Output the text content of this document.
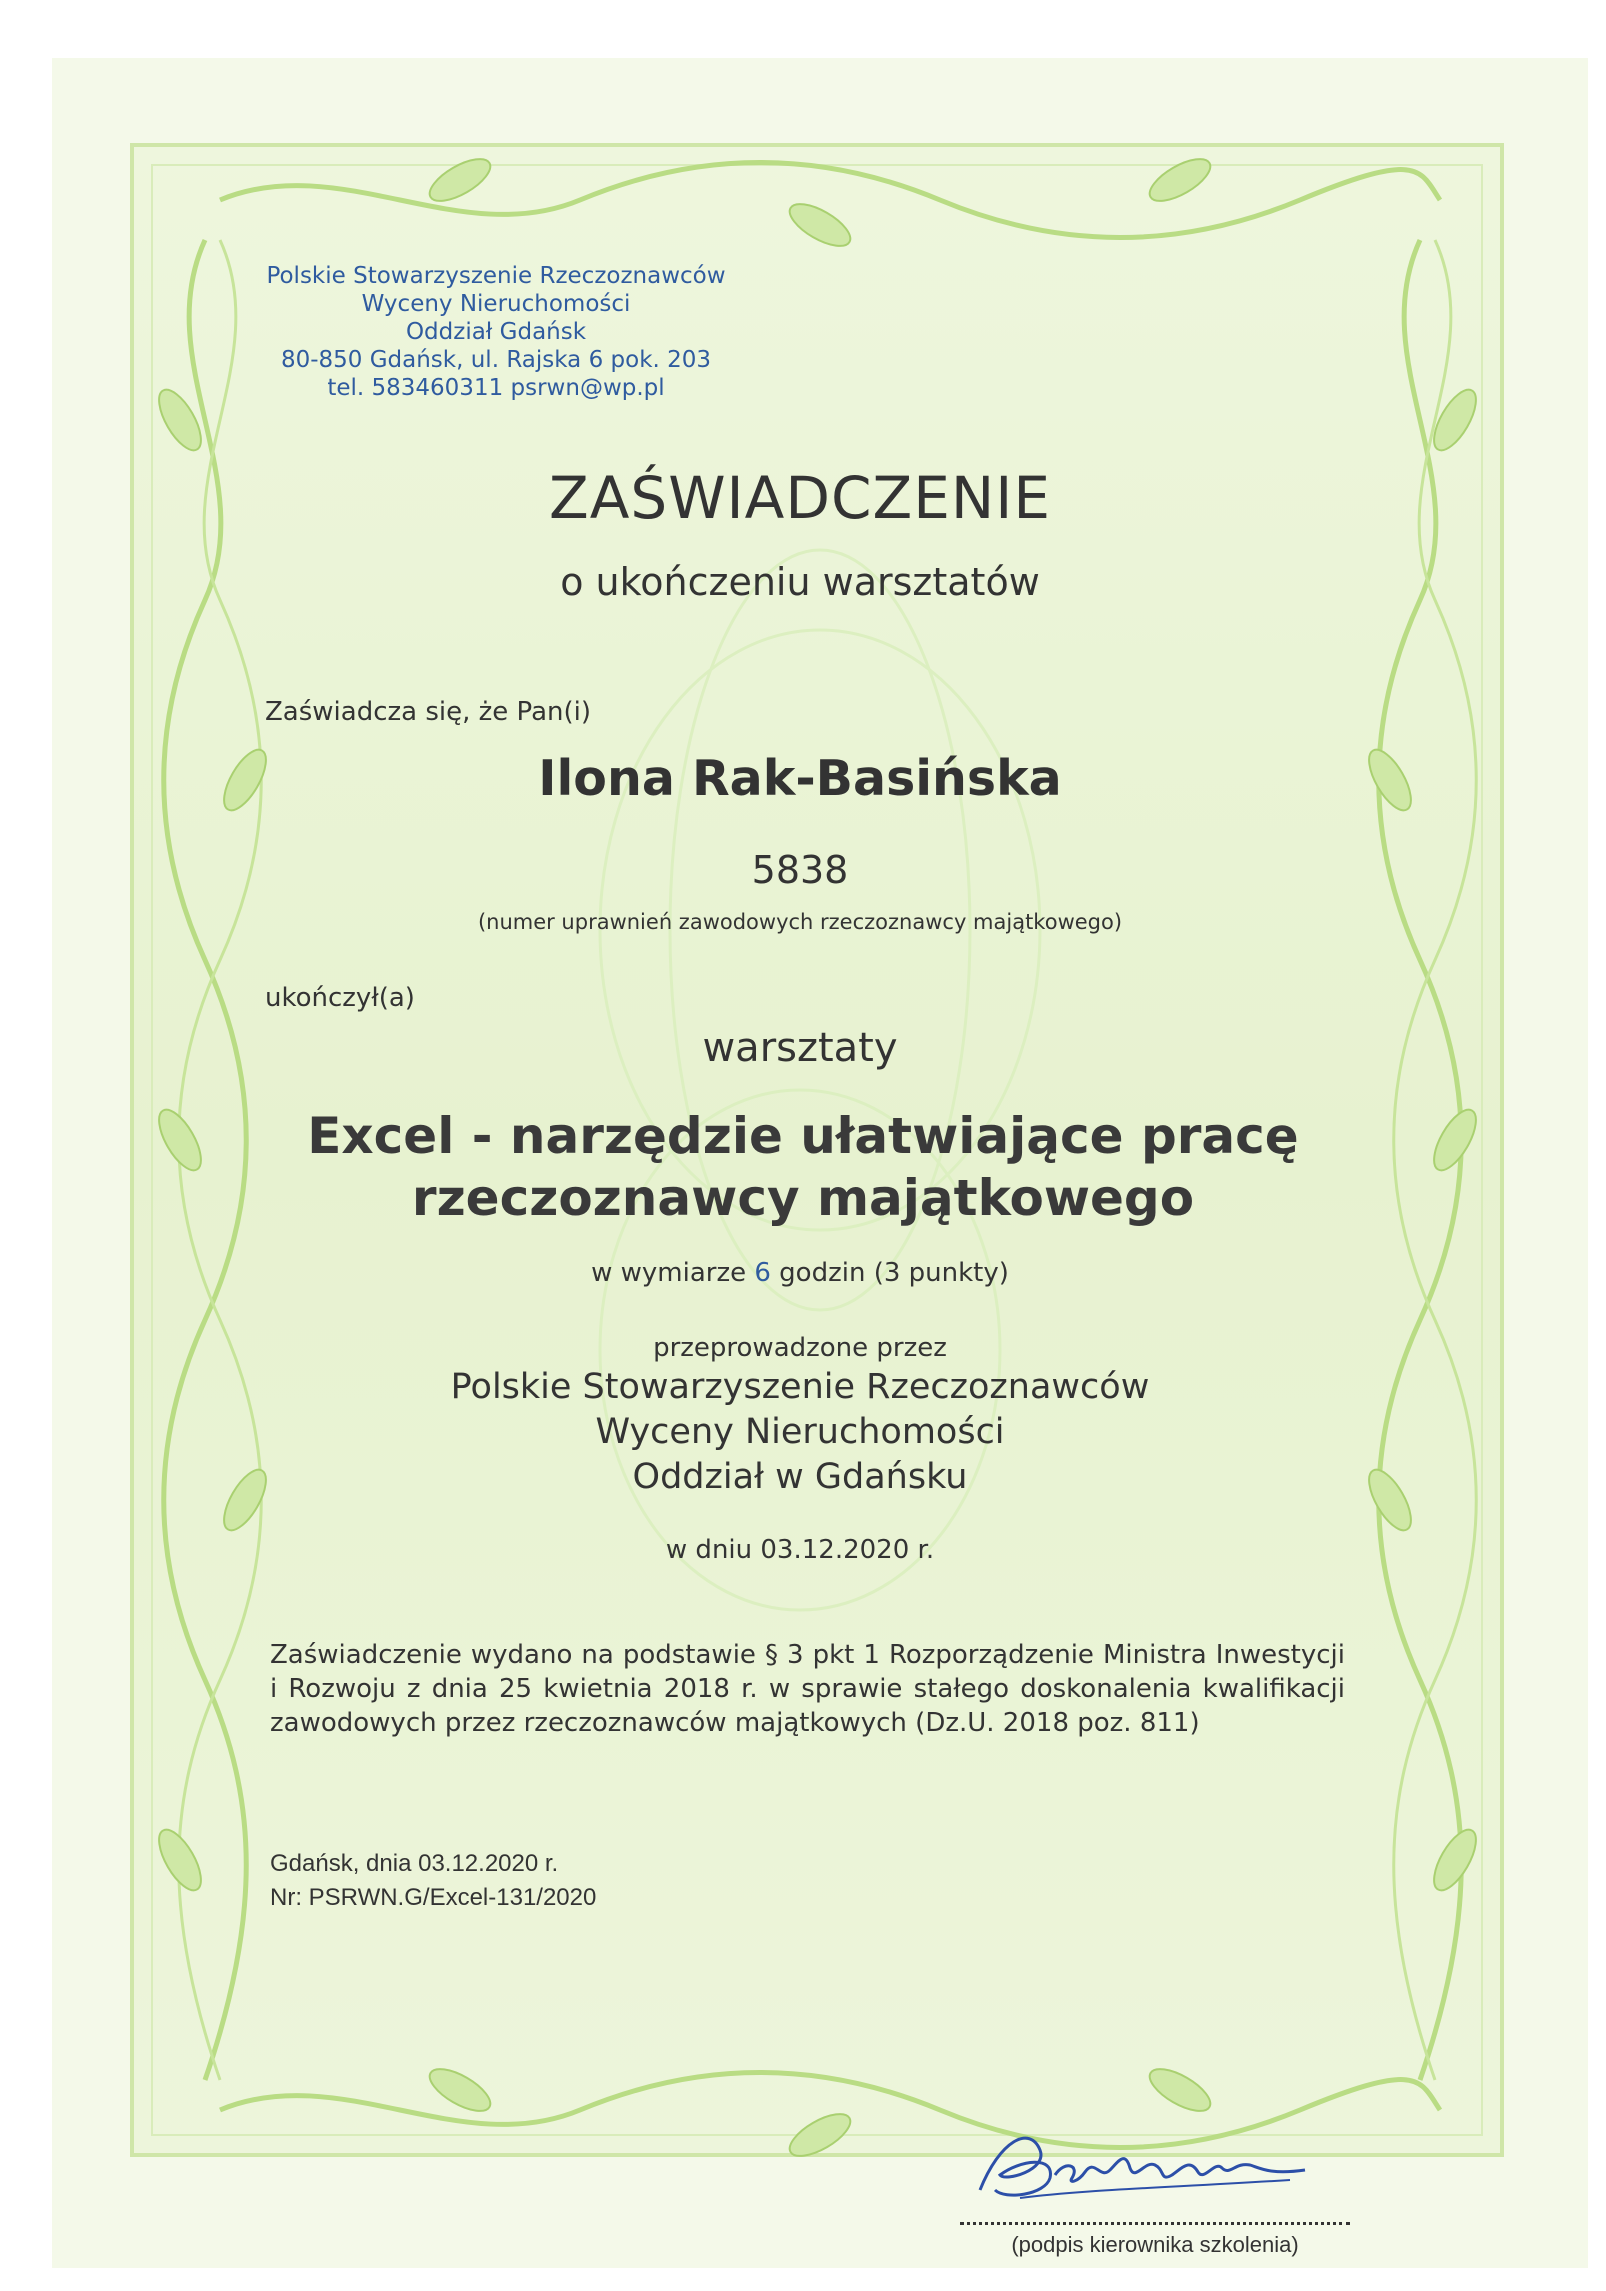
Polskie Stowarzyszenie Rzeczoznawców
Wyceny Nieruchomości
Oddział Gdańsk
80-850 Gdańsk, ul. Rajska 6 pok. 203
tel. 583460311 psrwn@wp.pl
ZAŚWIADCZENIE
o ukończeniu warsztatów
Zaświadcza się, że Pan(i)
Ilona Rak-Basińska
5838
(numer uprawnień zawodowych rzeczoznawcy majątkowego)
ukończył(a)
warsztaty
Excel - narzędzie ułatwiające pracę rzeczoznawcy majątkowego
w wymiarze 6 godzin (3 punkty)
przeprowadzone przez
Polskie Stowarzyszenie Rzeczoznawców
Wyceny Nieruchomości
Oddział w Gdańsku
w dniu 03.12.2020 r.
Zaświadczenie wydano na podstawie § 3 pkt 1 Rozporządzenie Ministra Inwestycji i Rozwoju z dnia 25 kwietnia 2018 r. w sprawie stałego doskonalenia kwalifikacji zawodowych przez rzeczoznawców majątkowych (Dz.U. 2018 poz. 811)
Gdańsk, dnia 03.12.2020 r.
Nr: PSRWN.G/Excel-131/2020
(podpis kierownika szkolenia)
